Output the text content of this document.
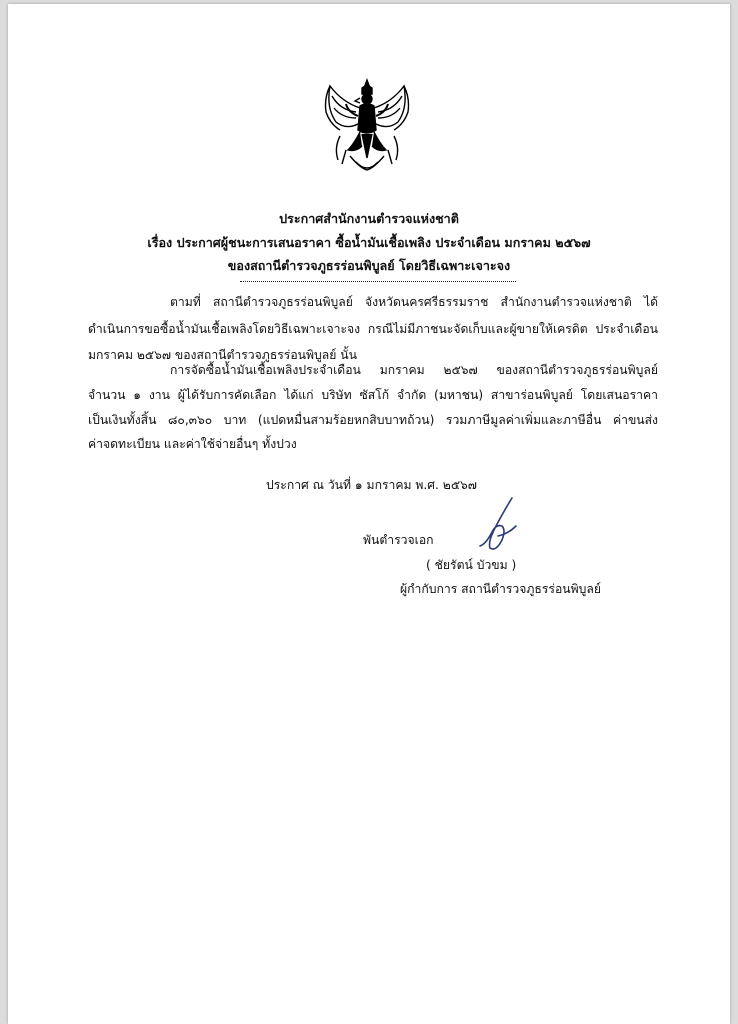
ประกาศสำนักงานตำรวจแห่งชาติ
เรื่อง ประกาศผู้ชนะการเสนอราคา ซื้อน้ำมันเชื้อเพลิง ประจำเดือน มกราคม ๒๕๖๗
ของสถานีตำรวจภูธรร่อนพิบูลย์ โดยวิธีเฉพาะเจาะจง
ตามที่ สถานีตำรวจภูธรร่อนพิบูลย์ จังหวัดนครศรีธรรมราช สำนักงานตำรวจแห่งชาติ ได้
ดำเนินการขอซื้อน้ำมันเชื้อเพลิงโดยวิธีเฉพาะเจาะจง กรณีไม่มีภาชนะจัดเก็บและผู้ขายให้เครดิต ประจำเดือน
มกราคม ๒๕๖๗ ของสถานีตำรวจภูธรร่อนพิบูลย์ นั้น
การจัดซื้อน้ำมันเชื้อเพลิงประจำเดือน มกราคม ๒๕๖๗ ของสถานีตำรวจภูธรร่อนพิบูลย์
จำนวน ๑ งาน ผู้ได้รับการคัดเลือก ได้แก่ บริษัท ซัสโก้ จำกัด (มหาชน) สาขาร่อนพิบูลย์ โดยเสนอราคา
เป็นเงินทั้งสิ้น ๘๐,๓๖๐ บาท (แปดหมื่นสามร้อยหกสิบบาทถ้วน) รวมภาษีมูลค่าเพิ่มและภาษีอื่น ค่าขนส่ง
ค่าจดทะเบียน และค่าใช้จ่ายอื่นๆ ทั้งปวง
ประกาศ ณ วันที่ ๑ มกราคม พ.ศ. ๒๕๖๗
พันตำรวจเอก
( ชัยรัตน์ บัวขม )
ผู้กำกับการ สถานีตำรวจภูธรร่อนพิบูลย์
